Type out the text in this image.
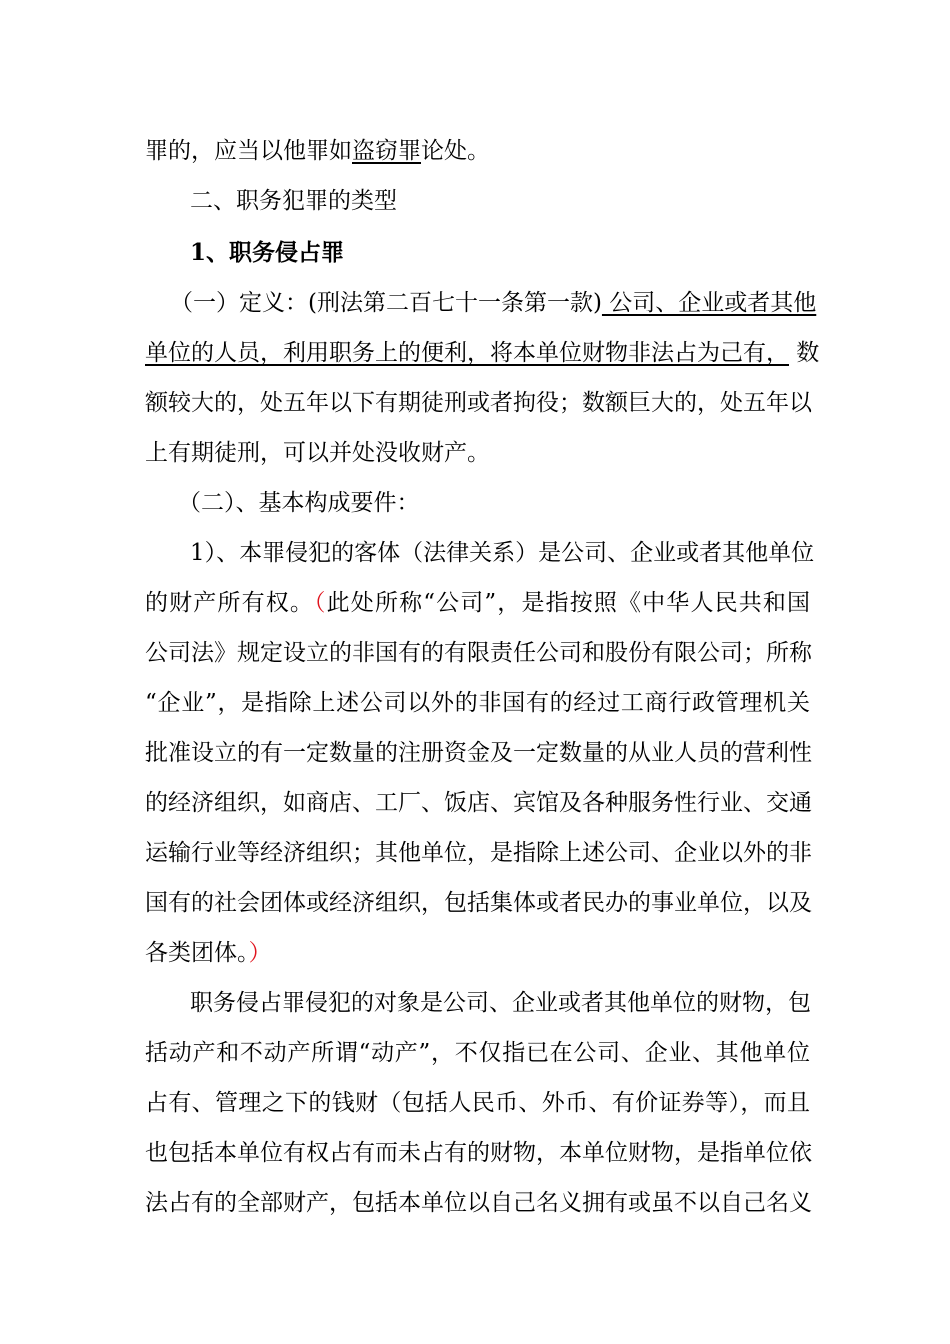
罪的，应当以他罪如盗窃罪论处。
二、职务犯罪的类型
1、职务侵占罪
（一）定义：(刑法第二百七十一条第一款) 公司、企业或者其他
单位的人员，利用职务上的便利，将本单位财物非法占为己有， 数
额较大的，处五年以下有期徒刑或者拘役；数额巨大的，处五年以
上有期徒刑，可以并处没收财产。
（二）、基本构成要件：
1）、本罪侵犯的客体（法律关系）是公司、企业或者其他单位
的财产所有权。（此处所称“公司”，是指按照《中华人民共和国
公司法》规定设立的非国有的有限责任公司和股份有限公司；所称
“企业”，是指除上述公司以外的非国有的经过工商行政管理机关
批准设立的有一定数量的注册资金及一定数量的从业人员的营利性
的经济组织，如商店、工厂、饭店、宾馆及各种服务性行业、交通
运输行业等经济组织；其他单位，是指除上述公司、企业以外的非
国有的社会团体或经济组织，包括集体或者民办的事业单位，以及
各类团体。）
职务侵占罪侵犯的对象是公司、企业或者其他单位的财物，包
括动产和不动产所谓“动产”，不仅指已在公司、企业、其他单位
占有、管理之下的钱财（包括人民币、外币、有价证券等），而且
也包括本单位有权占有而未占有的财物，本单位财物，是指单位依
法占有的全部财产，包括本单位以自己名义拥有或虽不以自己名义
